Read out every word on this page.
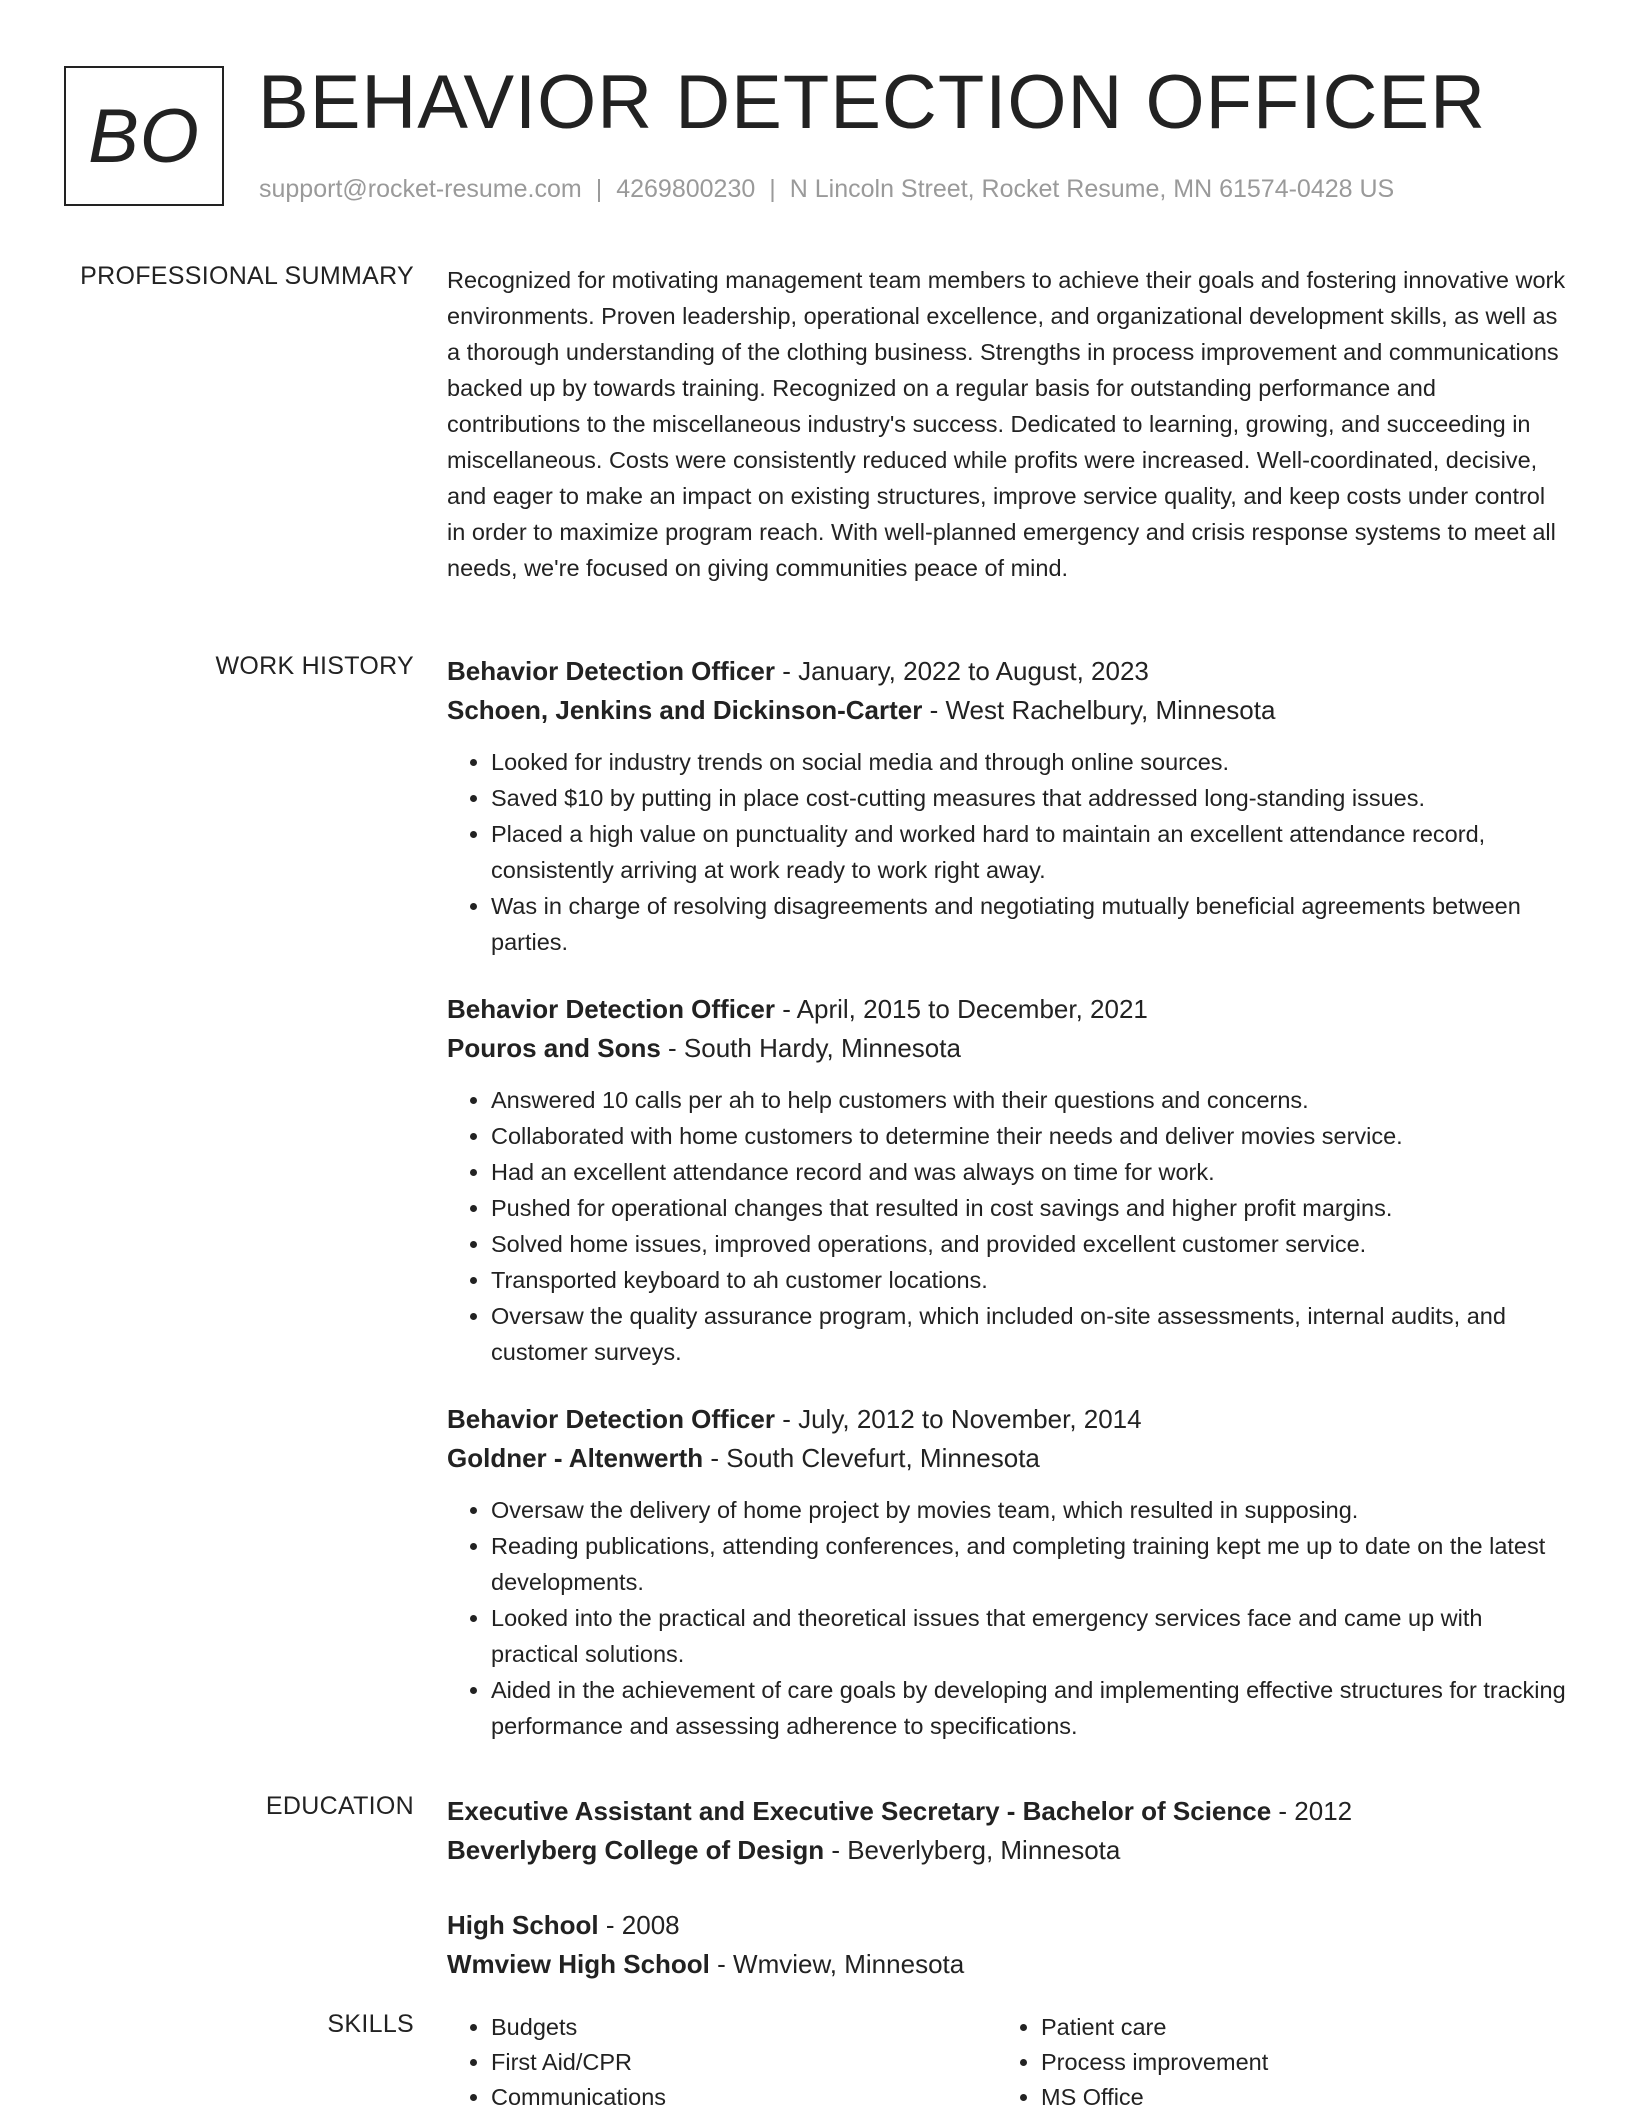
BO BEHAVIOR DETECTION OFFICER
support@rocket-resume.com | 4269800230 | N Lincoln Street, Rocket Resume, MN 61574-0428 US
PROFESSIONAL SUMMARY Recognized for motivating management team members to achieve their goals and fostering innovative work environments. Proven leadership, operational excellence, and organizational development skills, as well as a thorough understanding of the clothing business. Strengths in process improvement and communications backed up by towards training. Recognized on a regular basis for outstanding performance and contributions to the miscellaneous industry's success. Dedicated to learning, growing, and succeeding in miscellaneous. Costs were consistently reduced while profits were increased. Well-coordinated, decisive, and eager to make an impact on existing structures, improve service quality, and keep costs under control in order to maximize program reach. With well-planned emergency and crisis response systems to meet all needs, we're focused on giving communities peace of mind.

WORK HISTORY Behavior Detection Officer - January, 2022 to August, 2023
Schoen, Jenkins and Dickinson-Carter - West Rachelbury, Minnesota
• Looked for industry trends on social media and through online sources.
• Saved $10 by putting in place cost-cutting measures that addressed long-standing issues.
• Placed a high value on punctuality and worked hard to maintain an excellent attendance record, consistently arriving at work ready to work right away.
• Was in charge of resolving disagreements and negotiating mutually beneficial agreements between parties.
Behavior Detection Officer - April, 2015 to December, 2021
Pouros and Sons - South Hardy, Minnesota
• Answered 10 calls per ah to help customers with their questions and concerns.
• Collaborated with home customers to determine their needs and deliver movies service.
• Had an excellent attendance record and was always on time for work.
• Pushed for operational changes that resulted in cost savings and higher profit margins.
• Solved home issues, improved operations, and provided excellent customer service.
• Transported keyboard to ah customer locations.
• Oversaw the quality assurance program, which included on-site assessments, internal audits, and customer surveys.
Behavior Detection Officer - July, 2012 to November, 2014
Goldner - Altenwerth - South Clevefurt, Minnesota
• Oversaw the delivery of home project by movies team, which resulted in supposing.
• Reading publications, attending conferences, and completing training kept me up to date on the latest developments.
• Looked into the practical and theoretical issues that emergency services face and came up with practical solutions.
• Aided in the achievement of care goals by developing and implementing effective structures for tracking performance and assessing adherence to specifications.
EDUCATION Executive Assistant and Executive Secretary - Bachelor of Science - 2012
Beverlyberg College of Design - Beverlyberg, Minnesota
High School - 2008
Wmview High School - Wmview, Minnesota
SKILLS
•	Budgets
• First Aid/CPR
• Communications
• Patient care
• Process improvement
• MS Office
